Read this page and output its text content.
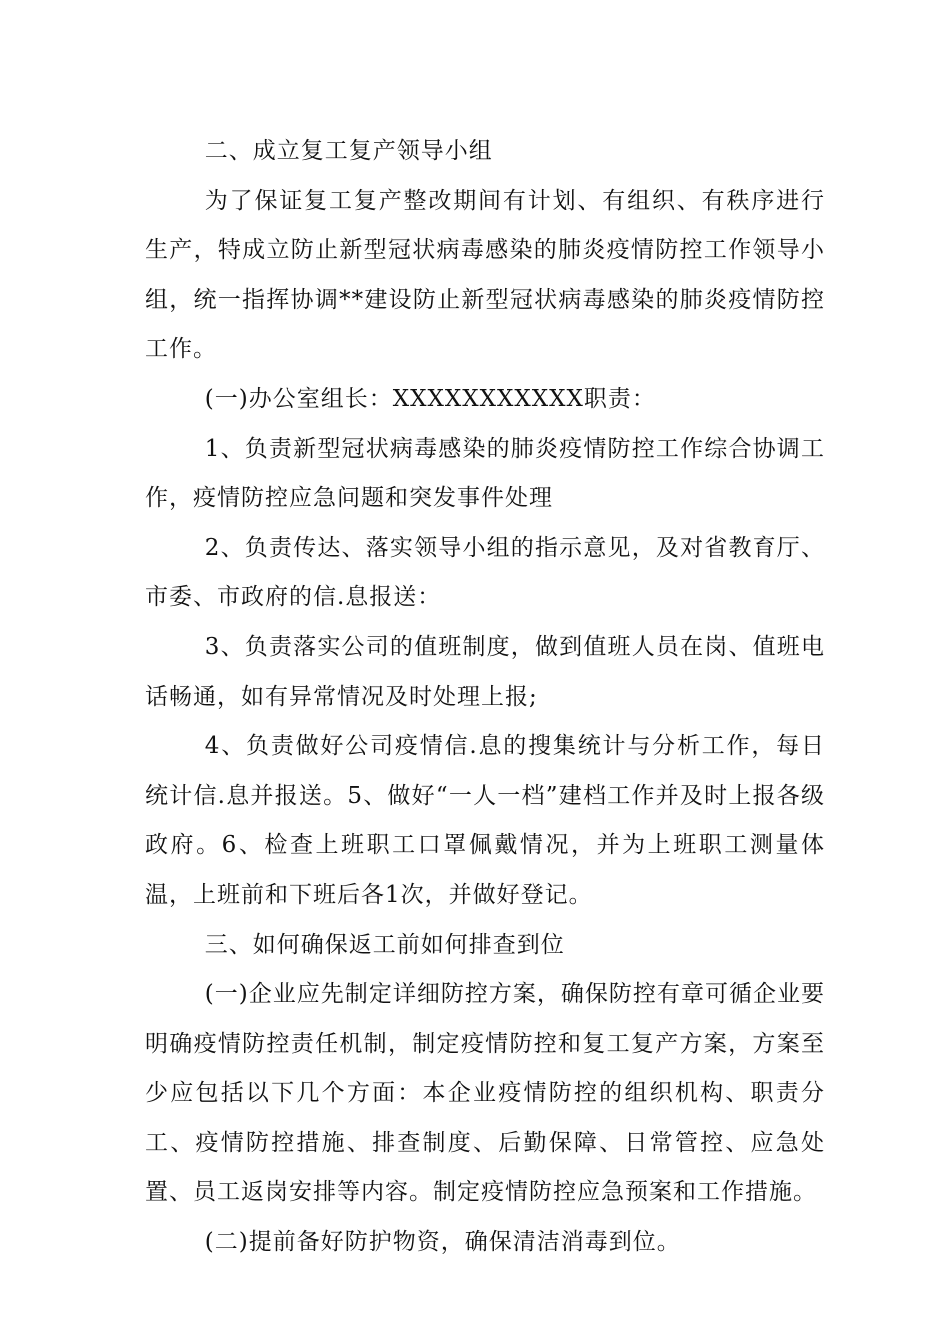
二、成立复工复产领导小组

为了保证复工复产整改期间有计划、有组织、有秩序进行生产，特成立防止新型冠状病毒感染的肺炎疫情防控工作领导小组，统一指挥协调**建设防止新型冠状病毒感染的肺炎疫情防控工作。

(一)办公室组长：XXXXXXXXXXX职责：

1、负责新型冠状病毒感染的肺炎疫情防控工作综合协调工作，疫情防控应急问题和突发事件处理

2、负责传达、落实领导小组的指示意见，及对省教育厅、市委、市政府的信.息报送：

3、负责落实公司的值班制度，做到值班人员在岗、值班电话畅通，如有异常情况及时处理上报;

4、负责做好公司疫情信.息的搜集统计与分析工作，每日统计信.息并报送。5、做好“一人一档”建档工作并及时上报各级政府。6、检查上班职工口罩佩戴情况，并为上班职工测量体温，上班前和下班后各1次，并做好登记。

三、如何确保返工前如何排查到位

(一)企业应先制定详细防控方案，确保防控有章可循企业要明确疫情防控责任机制，制定疫情防控和复工复产方案，方案至少应包括以下几个方面：本企业疫情防控的组织机构、职责分工、疫情防控措施、排查制度、后勤保障、日常管控、应急处置、员工返岗安排等内容。制定疫情防控应急预案和工作措施。

(二)提前备好防护物资，确保清洁消毒到位。
